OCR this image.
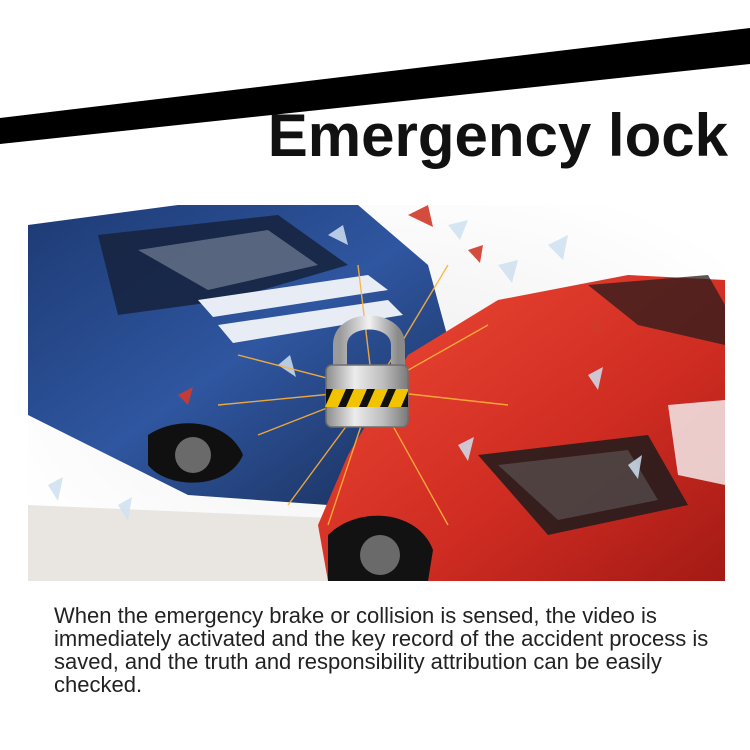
Emergency lock

When the emergency brake or collision is sensed, the video is immediately activated and the key record of the accident process is saved, and the truth and responsibility attribution can be easily checked.
